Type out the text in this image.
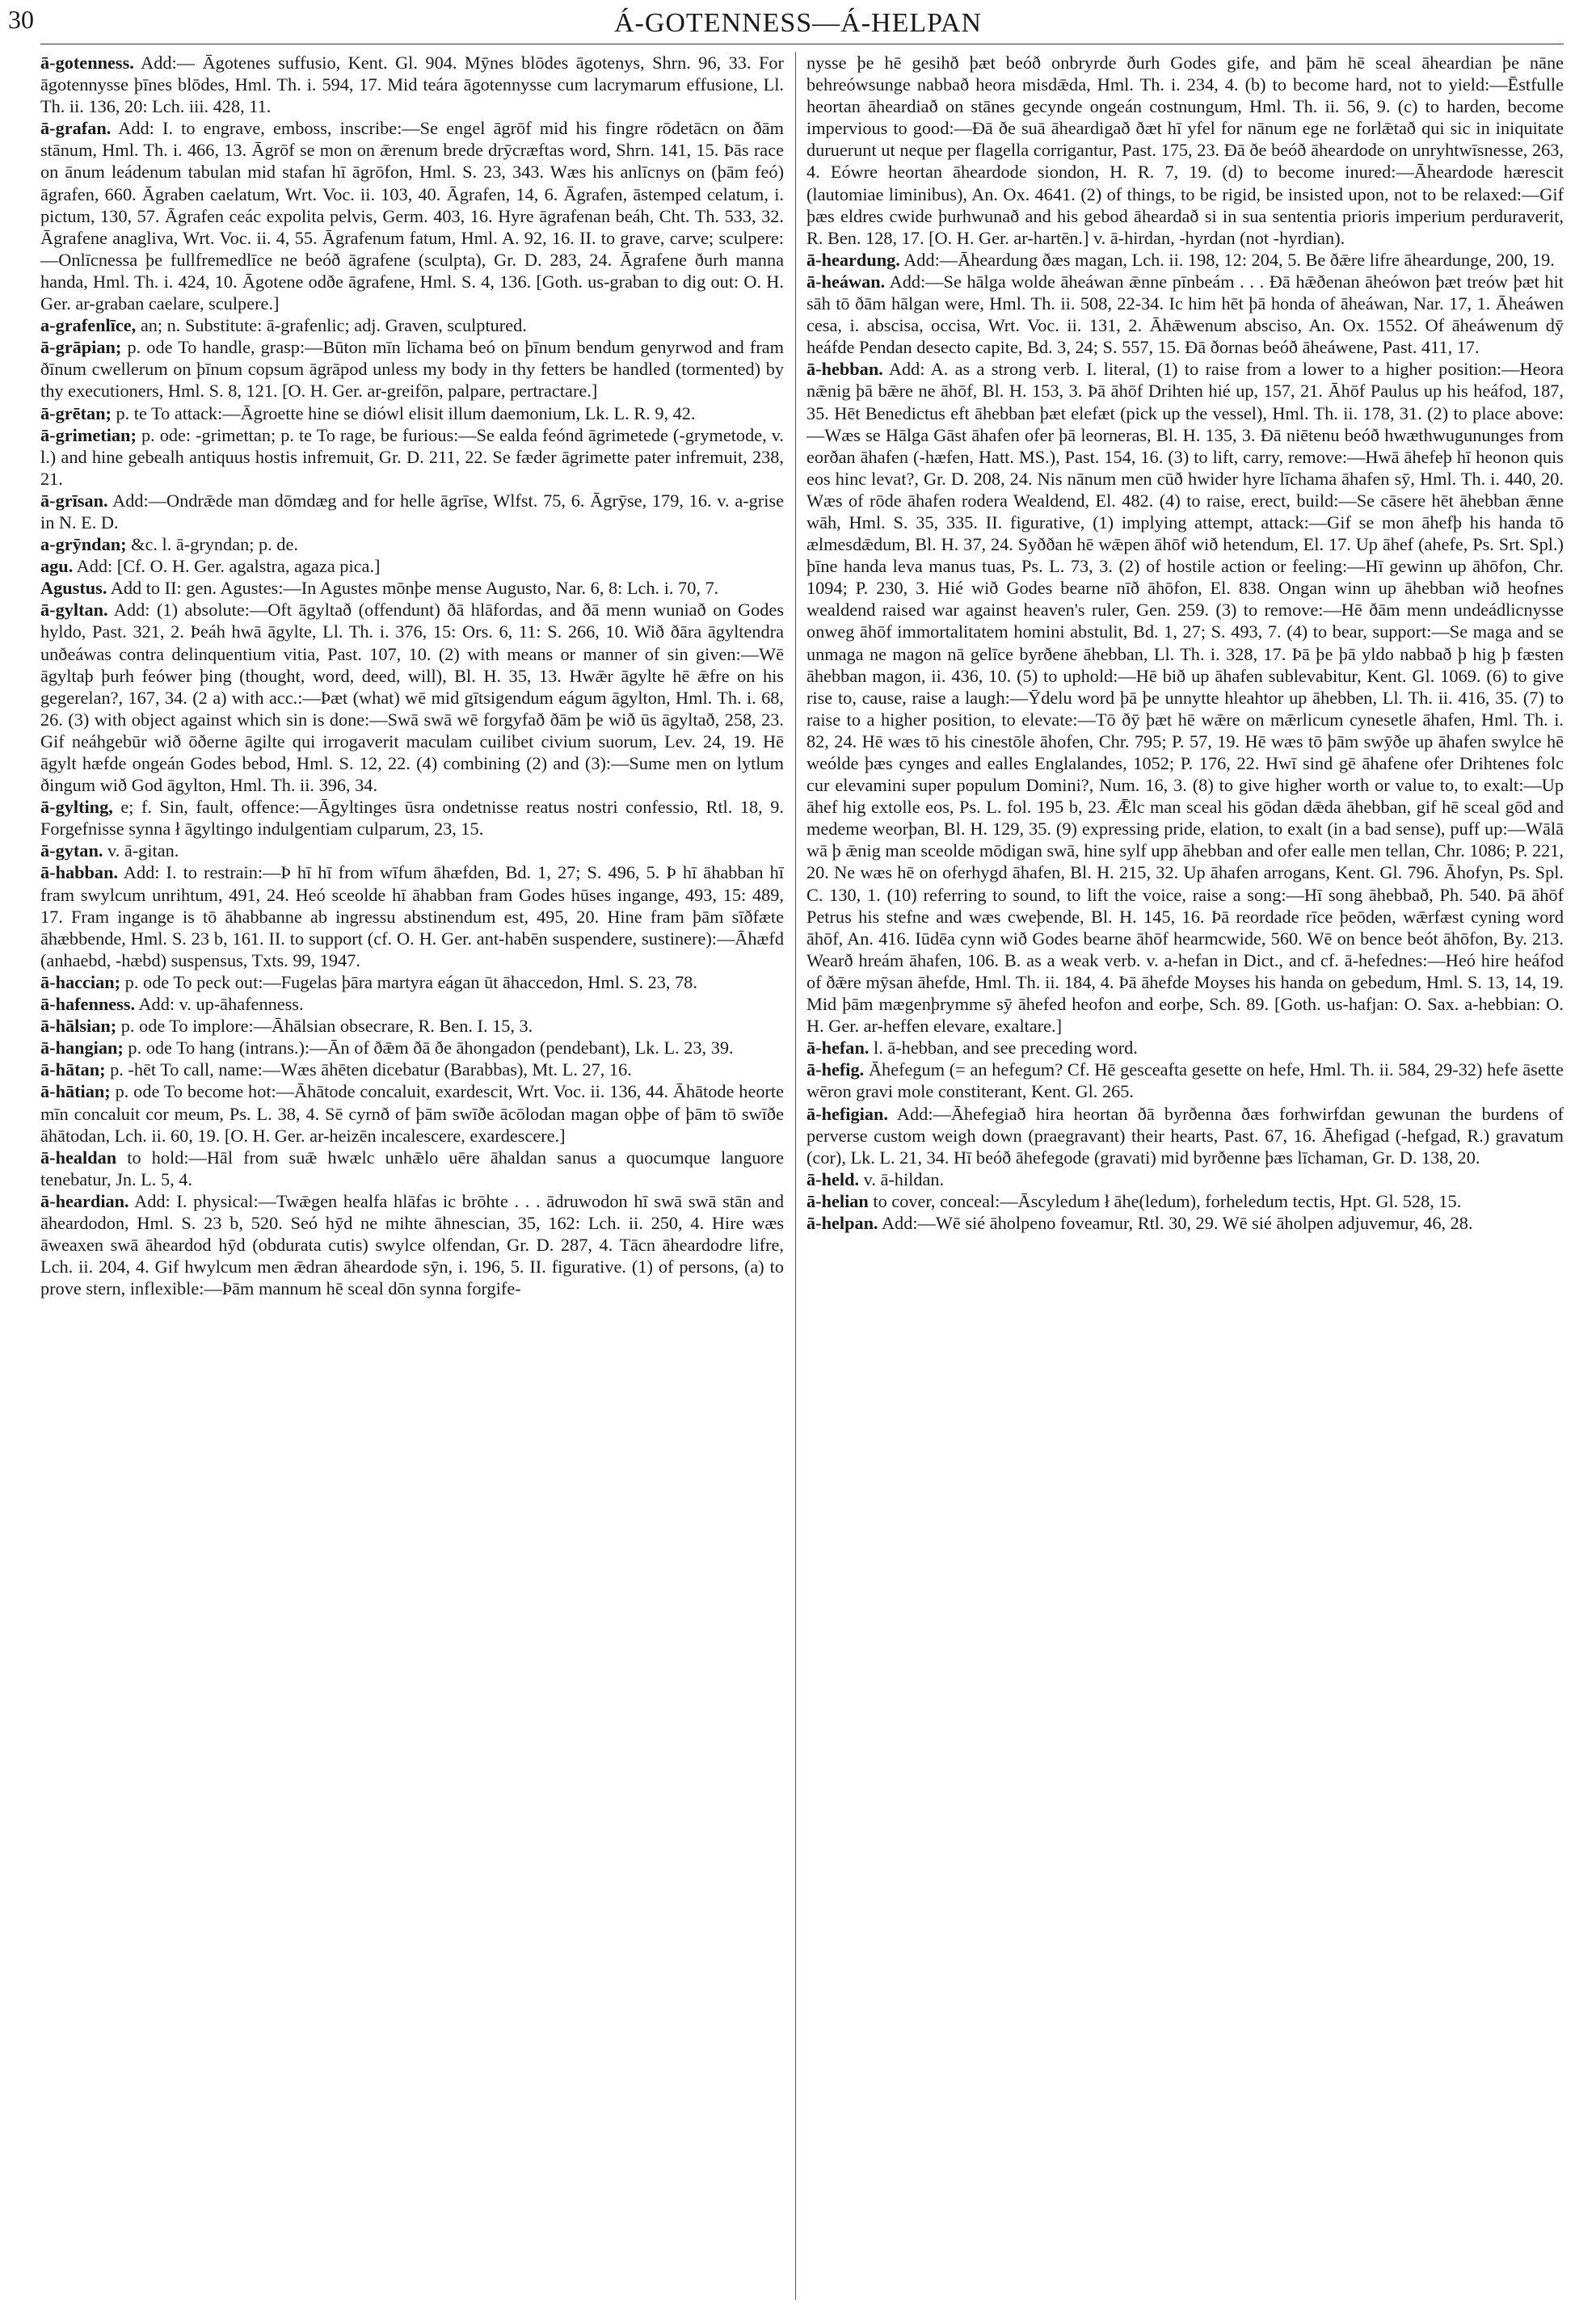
30	Á-GOTENNESS—Á-HELPAN

ā-gotenness. Add:— Āgotenes suffusio, Kent. Gl. 904. Mȳnes blōdes āgotenys, Shrn. 96, 33. For āgotennysse þīnes blōdes, Hml. Th. i. 594, 17. Mid teára āgotennysse cum lacrymarum effusione, Ll. Th. ii. 136, 20: Lch. iii. 428, 11.

ā-grafan. Add: I. to engrave, emboss, inscribe:—Se engel āgrōf mid his fingre rōdetācn on ðām stānum, Hml. Th. i. 466, 13. Āgrōf se mon on ǣrenum brede drȳcræftas word, Shrn. 141, 15. Þās race on ānum leádenum tabulan mid stafan hī āgrōfon, Hml. S. 23, 343. Wæs his anlīcnys on (þām feó) āgrafen, 660. Āgraben caelatum, Wrt. Voc. ii. 103, 40. Āgrafen, 14, 6. Āgrafen, āstemped celatum, i. pictum, 130, 57. Āgrafen ceác expolita pelvis, Germ. 403, 16. Hyre āgrafenan beáh, Cht. Th. 533, 32. Āgrafene anagliva, Wrt. Voc. ii. 4, 55. Āgrafenum fatum, Hml. A. 92, 16. II. to grave, carve; sculpere:—Onlīcnessa þe fullfremedlīce ne beóð āgrafene (sculpta), Gr. D. 283, 24. Āgrafene ðurh manna handa, Hml. Th. i. 424, 10. Āgotene odðe āgrafene, Hml. S. 4, 136. [Goth. us-graban to dig out: O. H. Ger. ar-graban caelare, sculpere.]

a-grafenlīce, an; n. Substitute: ā-grafenlic; adj. Graven, sculptured.

ā-grāpian; p. ode To handle, grasp:—Būton mīn līchama beó on þīnum bendum genyrwod and fram ðīnum cwellerum on þīnum copsum āgrāpod unless my body in thy fetters be handled (tormented) by thy executioners, Hml. S. 8, 121. [O. H. Ger. ar-greifōn, palpare, pertractare.]

ā-grētan; p. te To attack:—Āgroette hine se diówl elisit illum daemonium, Lk. L. R. 9, 42.

ā-grimetian; p. ode: -grimettan; p. te To rage, be furious:—Se ealda feónd āgrimetede (-grymetode, v. l.) and hine gebealh antiquus hostis infremuit, Gr. D. 211, 22. Se fæder āgrimette pater infremuit, 238, 21.

ā-grīsan. Add:—Ondrǣde man dōmdæg and for helle āgrīse, Wlfst. 75, 6. Āgrȳse, 179, 16. v. a-grise in N. E. D.

a-grȳndan; &c. l. ā-gryndan; p. de.

agu. Add: [Cf. O. H. Ger. agalstra, agaza pica.]

Agustus. Add to II: gen. Agustes:—In Agustes mōnþe mense Augusto, Nar. 6, 8: Lch. i. 70, 7.

ā-gyltan. Add: (1) absolute:—Oft āgyltað (offendunt) ðā hlāfordas, and ðā menn wuniað on Godes hyldo, Past. 321, 2. Þeáh hwā āgylte, Ll. Th. i. 376, 15: Ors. 6, 11: S. 266, 10. Wið ðāra āgyltendra unðeáwas contra delinquentium vitia, Past. 107, 10. (2) with means or manner of sin given:—Wē āgyltaþ þurh feówer þing (thought, word, deed, will), Bl. H. 35, 13. Hwǣr āgylte hē ǣfre on his gegerelan?, 167, 34. (2 a) with acc.:—Þæt (what) wē mid gītsigendum eágum āgylton, Hml. Th. i. 68, 26. (3) with object against which sin is done:—Swā swā wē forgyfað ðām þe wið ūs āgyltað, 258, 23. Gif neáhgebūr wið ōðerne āgilte qui irrogaverit maculam cuilibet civium suorum, Lev. 24, 19. Hē āgylt hæfde ongeán Godes bebod, Hml. S. 12, 22. (4) combining (2) and (3):—Sume men on lytlum ðingum wið God āgylton, Hml. Th. ii. 396, 34.

ā-gylting, e; f. Sin, fault, offence:—Āgyltinges ūsra ondetnisse reatus nostri confessio, Rtl. 18, 9. Forgefnisse synna ł āgyltingo indulgentiam culparum, 23, 15.

ā-gytan. v. ā-gitan.

ā-habban. Add: I. to restrain:—Þ hī hī from wīfum āhæfden, Bd. 1, 27; S. 496, 5. Þ hī āhabban hī fram swylcum unrihtum, 491, 24. Heó sceolde hī āhabban fram Godes hūses ingange, 493, 15: 489, 17. Fram ingange is tō āhabbanne ab ingressu abstinendum est, 495, 20. Hine fram þām sīðfæte āhæbbende, Hml. S. 23 b, 161. II. to support (cf. O. H. Ger. ant-habēn suspendere, sustinere):—Āhæfd (anhaebd, -hæbd) suspensus, Txts. 99, 1947.

ā-haccian; p. ode To peck out:—Fugelas þāra martyra eágan ūt āhaccedon, Hml. S. 23, 78.

ā-hafenness. Add: v. up-āhafenness.

ā-hālsian; p. ode To implore:—Āhālsian obsecrare, R. Ben. I. 15, 3.

ā-hangian; p. ode To hang (intrans.):—Ān of ðǣm ðā ðe āhongadon (pendebant), Lk. L. 23, 39.

ā-hātan; p. -hēt To call, name:—Wæs āhēten dicebatur (Barabbas), Mt. L. 27, 16.

ā-hātian; p. ode To become hot:—Āhātode concaluit, exardescit, Wrt. Voc. ii. 136, 44. Āhātode heorte mīn concaluit cor meum, Ps. L. 38, 4. Sē cyrnð of þām swīðe ācōlodan magan oþþe of þām tō swīðe āhātodan, Lch. ii. 60, 19. [O. H. Ger. ar-heizēn incalescere, exardescere.]

ā-healdan to hold:—Hāl from suǣ hwælc unhǣlo uēre āhaldan sanus a quocumque languore tenebatur, Jn. L. 5, 4.

ā-heardian. Add: I. physical:—Twǣgen healfa hlāfas ic brōhte . . . ādruwodon hī swā swā stān and āheardodon, Hml. S. 23 b, 520. Seó hȳd ne mihte āhnescian, 35, 162: Lch. ii. 250, 4. Hire wæs āweaxen swā āheardod hȳd (obdurata cutis) swylce olfendan, Gr. D. 287, 4. Tācn āheardodre lifre, Lch. ii. 204, 4. Gif hwylcum men ǣdran āheardode sȳn, i. 196, 5. II. figurative. (1) of persons, (a) to prove stern, inflexible:—Þām mannum hē sceal dōn synna forgife-

nysse þe hē gesihð þæt beóð onbryrde ðurh Godes gife, and þām hē sceal āheardian þe nāne behreówsunge nabbað heora misdǣda, Hml. Th. i. 234, 4. (b) to become hard, not to yield:—Ēstfulle heortan āheardiað on stānes gecynde ongeán costnungum, Hml. Th. ii. 56, 9. (c) to harden, become impervious to good:—Ðā ðe suā āheardigað ðæt hī yfel for nānum ege ne forlǣtað qui sic in iniquitate duruerunt ut neque per flagella corrigantur, Past. 175, 23. Ðā ðe beóð āheardode on unryhtwīsnesse, 263, 4. Eówre heortan āheardode siondon, H. R. 7, 19. (d) to become inured:—Āheardode hærescit (lautomiae liminibus), An. Ox. 4641. (2) of things, to be rigid, be insisted upon, not to be relaxed:—Gif þæs eldres cwide þurhwunað and his gebod āheardað si in sua sententia prioris imperium perduraverit, R. Ben. 128, 17. [O. H. Ger. ar-hartēn.] v. ā-hirdan, -hyrdan (not -hyrdian).

ā-heardung. Add:—Āheardung ðæs magan, Lch. ii. 198, 12: 204, 5. Be ðǣre lifre āheardunge, 200, 19.

ā-heáwan. Add:—Se hālga wolde āheáwan ǣnne pīnbeám . . . Ðā hǣðenan āheówon þæt treów þæt hit sāh tō ðām hālgan were, Hml. Th. ii. 508, 22-34. Ic him hēt þā honda of āheáwan, Nar. 17, 1. Āheáwen cesa, i. abscisa, occisa, Wrt. Voc. ii. 131, 2. Āhǣwenum absciso, An. Ox. 1552. Of āheáwenum dȳ heáfde Pendan desecto capite, Bd. 3, 24; S. 557, 15. Ðā ðornas beóð āheáwene, Past. 411, 17.

ā-hebban. Add: A. as a strong verb. I. literal, (1) to raise from a lower to a higher position:—Heora nǣnig þā bǣre ne āhōf, Bl. H. 153, 3. Þā āhōf Drihten hié up, 157, 21. Āhōf Paulus up his heáfod, 187, 35. Hēt Benedictus eft āhebban þæt elefæt (pick up the vessel), Hml. Th. ii. 178, 31. (2) to place above:—Wæs se Hālga Gāst āhafen ofer þā leorneras, Bl. H. 135, 3. Ðā niētenu beóð hwæthwugununges from eorðan āhafen (-hæfen, Hatt. MS.), Past. 154, 16. (3) to lift, carry, remove:—Hwā āhefeþ hī heonon quis eos hinc levat?, Gr. D. 208, 24. Nis nānum men cūð hwider hyre līchama āhafen sȳ, Hml. Th. i. 440, 20. Wæs of rōde āhafen rodera Wealdend, El. 482. (4) to raise, erect, build:—Se cāsere hēt āhebban ǣnne wāh, Hml. S. 35, 335. II. figurative, (1) implying attempt, attack:—Gif se mon āhefþ his handa tō ælmesdǣdum, Bl. H. 37, 24. Syððan hē wǣpen āhōf wið hetendum, El. 17. Up āhef (ahefe, Ps. Srt. Spl.) þīne handa leva manus tuas, Ps. L. 73, 3. (2) of hostile action or feeling:—Hī gewinn up āhōfon, Chr. 1094; P. 230, 3. Hié wið Godes bearne nīð āhōfon, El. 838. Ongan winn up āhebban wið heofnes wealdend raised war against heaven's ruler, Gen. 259. (3) to remove:—Hē ðām menn undeádlicnysse onweg āhōf immortalitatem homini abstulit, Bd. 1, 27; S. 493, 7. (4) to bear, support:—Se maga and se unmaga ne magon nā gelīce byrðene āhebban, Ll. Th. i. 328, 17. Þā þe þā yldo nabbað þ hig þ fæsten āhebban magon, ii. 436, 10. (5) to uphold:—Hē bið up āhafen sublevabitur, Kent. Gl. 1069. (6) to give rise to, cause, raise a laugh:—Ȳdelu word þā þe unnytte hleahtor up āhebben, Ll. Th. ii. 416, 35. (7) to raise to a higher position, to elevate:—Tō ðȳ þæt hē wǣre on mǣrlicum cynesetle āhafen, Hml. Th. i. 82, 24. Hē wæs tō his cinestōle āhofen, Chr. 795; P. 57, 19. Hē wæs tō þām swȳðe up āhafen swylce hē weólde þæs cynges and ealles Englalandes, 1052; P. 176, 22. Hwī sind gē āhafene ofer Drihtenes folc cur elevamini super populum Domini?, Num. 16, 3. (8) to give higher worth or value to, to exalt:—Up āhef hig extolle eos, Ps. L. fol. 195 b, 23. Ǣlc man sceal his gōdan dǣda āhebban, gif hē sceal gōd and medeme weorþan, Bl. H. 129, 35. (9) expressing pride, elation, to exalt (in a bad sense), puff up:—Wālā wā þ ǣnig man sceolde mōdigan swā, hine sylf upp āhebban and ofer ealle men tellan, Chr. 1086; P. 221, 20. Ne wæs hē on oferhygd āhafen, Bl. H. 215, 32. Up āhafen arrogans, Kent. Gl. 796. Āhofyn, Ps. Spl. C. 130, 1. (10) referring to sound, to lift the voice, raise a song:—Hī song āhebbað, Ph. 540. Þā āhōf Petrus his stefne and wæs cweþende, Bl. H. 145, 16. Þā reordade rīce þeōden, wǣrfæst cyning word āhōf, An. 416. Iūdēa cynn wið Godes bearne āhōf hearmcwide, 560. Wē on bence beót āhōfon, By. 213. Wearð hreám āhafen, 106. B. as a weak verb. v. a-hefan in Dict., and cf. ā-hefednes:—Heó hire heáfod of ðǣre mȳsan āhefde, Hml. Th. ii. 184, 4. Þā āhefde Moyses his handa on gebedum, Hml. S. 13, 14, 19. Mid þām mægenþrymme sȳ āhefed heofon and eorþe, Sch. 89. [Goth. us-hafjan: O. Sax. a-hebbian: O. H. Ger. ar-heffen elevare, exaltare.]

ā-hefan. l. ā-hebban, and see preceding word.

ā-hefig. Āhefegum (= an hefegum? Cf. Hē gesceafta gesette on hefe, Hml. Th. ii. 584, 29-32) hefe āsette wēron gravi mole constiterant, Kent. Gl. 265.

ā-hefigian. Add:—Āhefegiað hira heortan ðā byrðenna ðæs forhwirfdan gewunan the burdens of perverse custom weigh down (praegravant) their hearts, Past. 67, 16. Āhefigad (-hefgad, R.) gravatum (cor), Lk. L. 21, 34. Hī beóð āhefegode (gravati) mid byrðenne þæs līchaman, Gr. D. 138, 20.

ā-held. v. ā-hildan.

ā-helian to cover, conceal:—Āscyledum ł āhe(ledum), forheledum tectis, Hpt. Gl. 528, 15.

ā-helpan. Add:—Wē sié āholpeno foveamur, Rtl. 30, 29. Wē sié āholpen adjuvemur, 46, 28.
